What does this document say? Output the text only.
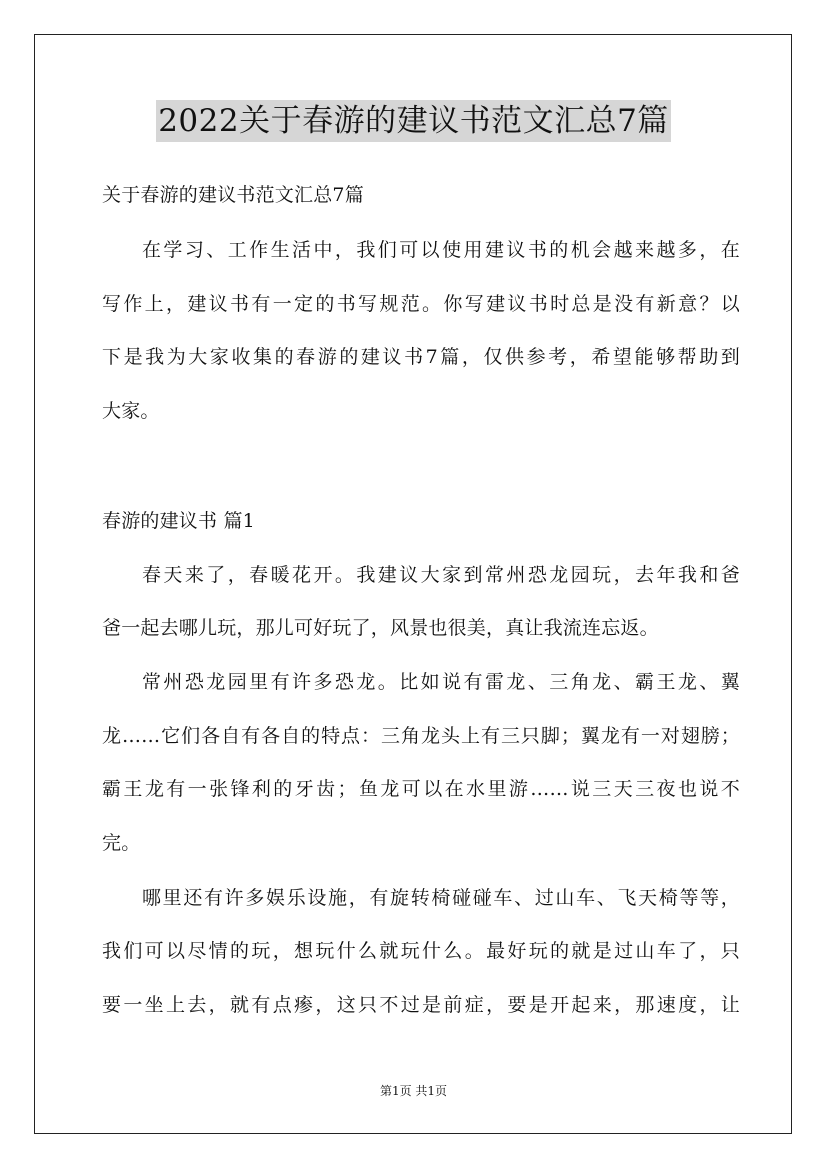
2022关于春游的建议书范文汇总7篇

关于春游的建议书范文汇总7篇

在学习、工作生活中，我们可以使用建议书的机会越来越多，在

写作上，建议书有一定的书写规范。你写建议书时总是没有新意？以

下是我为大家收集的春游的建议书7篇，仅供参考，希望能够帮助到

大家。

春游的建议书 篇1

春天来了，春暖花开。我建议大家到常州恐龙园玩，去年我和爸

爸一起去哪儿玩，那儿可好玩了，风景也很美，真让我流连忘返。

常州恐龙园里有许多恐龙。比如说有雷龙、三角龙、霸王龙、翼

龙……它们各自有各自的特点：三角龙头上有三只脚；翼龙有一对翅膀；

霸王龙有一张锋利的牙齿；鱼龙可以在水里游……说三天三夜也说不

完。

哪里还有许多娱乐设施，有旋转椅碰碰车、过山车、飞天椅等等，

我们可以尽情的玩，想玩什么就玩什么。最好玩的就是过山车了，只

要一坐上去，就有点瘆，这只不过是前症，要是开起来，那速度，让

第1页 共1页
